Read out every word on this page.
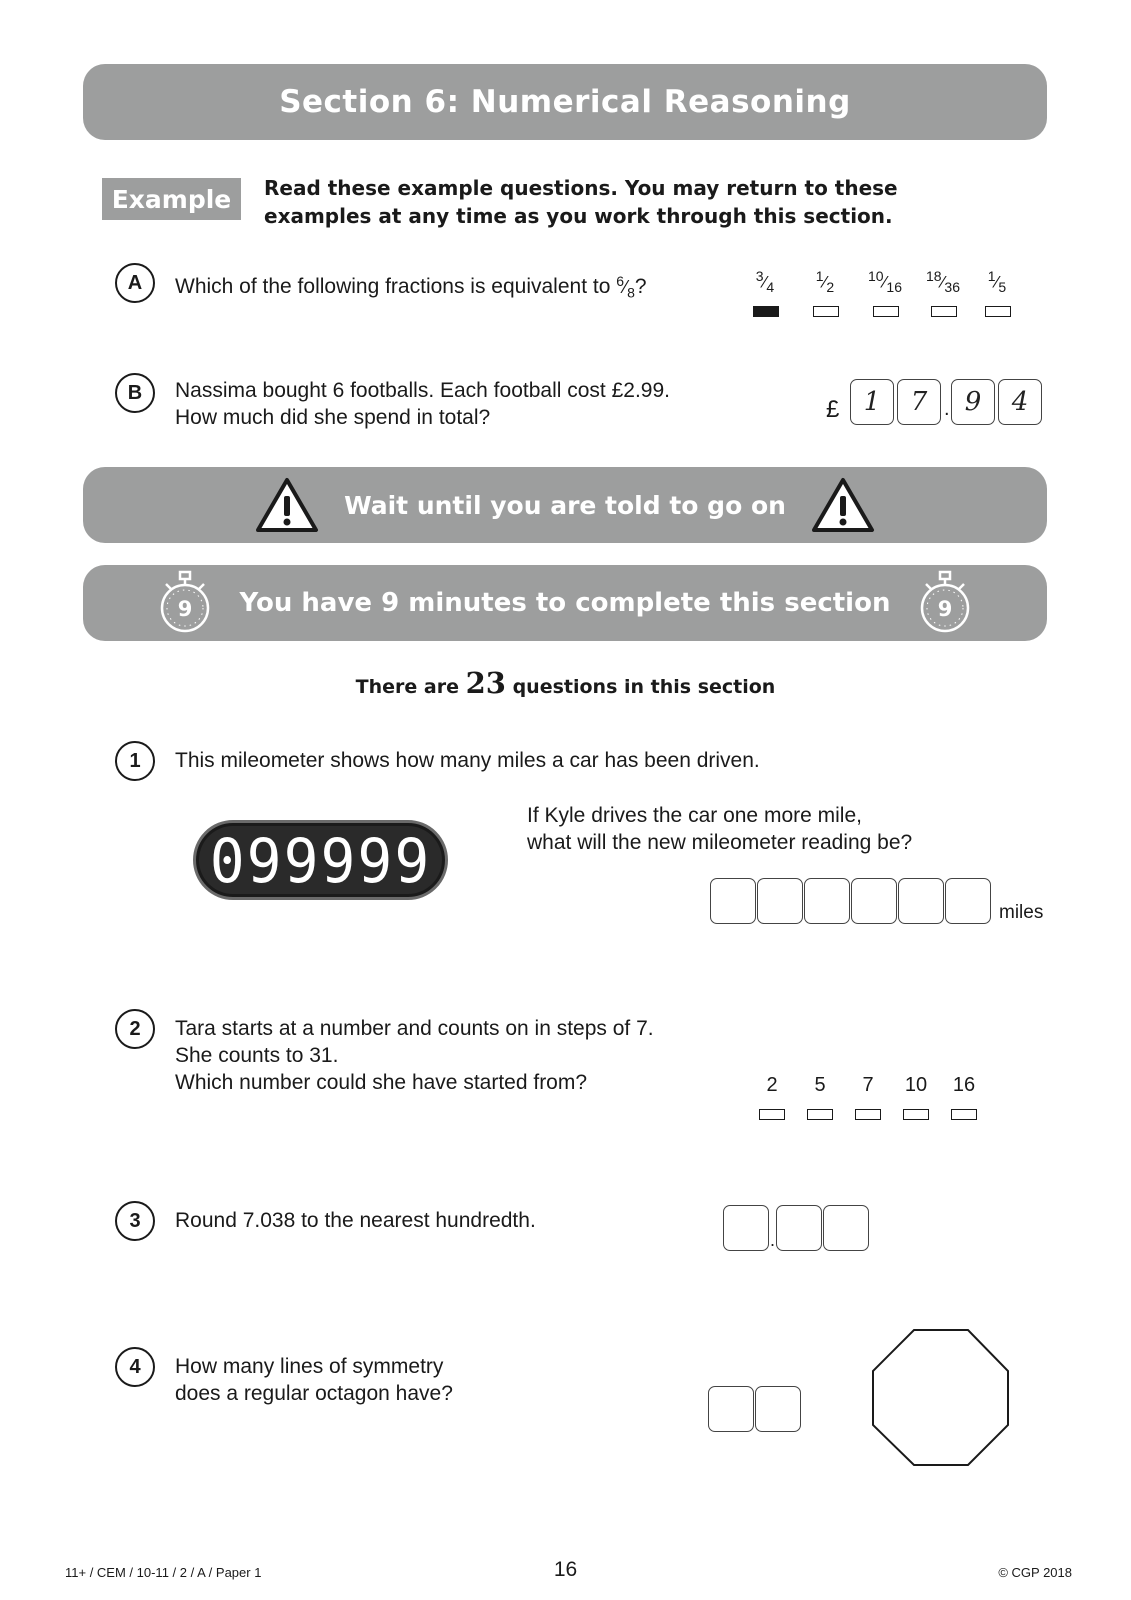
Section 6: Numerical Reasoning
Example	Read these example questions. You may return to these
examples at any time as you work through this section.
A	Which of the following fractions is equivalent to $^6⁄_8$?	$^3⁄_4$
$^1⁄_2$
$^{10}⁄_{16}$
$^{18}⁄_{36}$
$^1⁄_5$
B	Nassima bought 6 footballs. Each football cost £2.99.
How much did she spend in total?	£ 1	7 . 9	4
Wait until you are told to go on
9 You have 9 minutes to complete this section 9
There are 23 questions in this section
1	This mileometer shows how many miles a car has been driven.
099999
If Kyle drives the car one more mile,
what will the new mileometer reading be?
miles
2	Tara starts at a number and counts on in steps of 7.
She counts to 31.
Which number could she have started from?	2	5	7	10	16
3	Round 7.038 to the nearest hundredth.
.
4	How many lines of symmetry
does a regular octagon have?
11+ / CEM / 10-11 / 2 / A / Paper 1	16	© CGP 2018
